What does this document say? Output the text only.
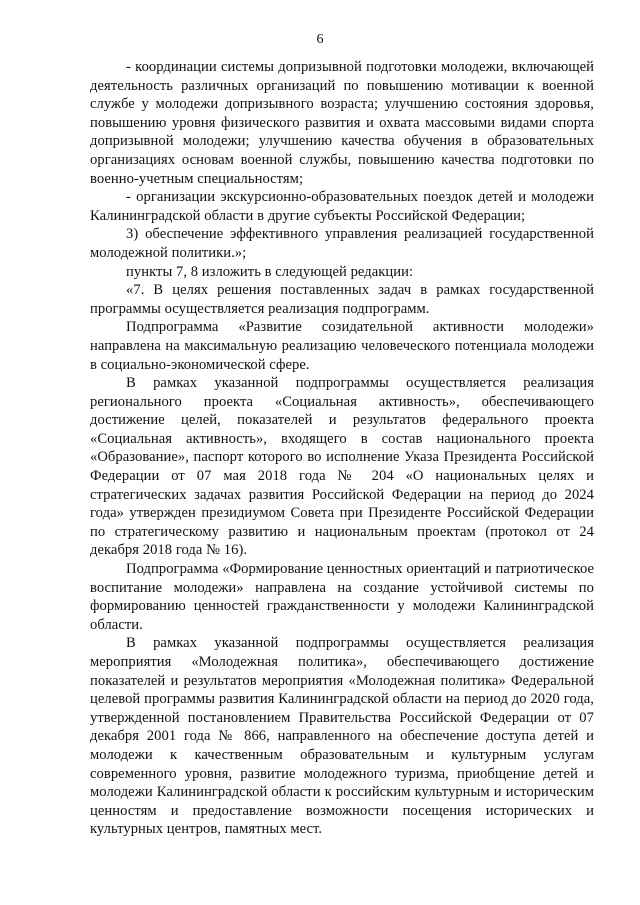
6

- координации системы допризывной подготовки молодежи, включающей деятельность различных организаций по повышению мотивации к военной службе у молодежи допризывного возраста; улучшению состояния здоровья, повышению уровня физического развития и охвата массовыми видами спорта допризывной молодежи; улучшению качества обучения в образовательных организациях основам военной службы, повышению качества подготовки по военно-учетным специальностям;

- организации экскурсионно-образовательных поездок детей и молодежи Калининградской области в другие субъекты Российской Федерации;

3) обеспечение эффективного управления реализацией государственной молодежной политики.»;

пункты 7, 8 изложить в следующей редакции:

«7. В целях решения поставленных задач в рамках государственной программы осуществляется реализация подпрограмм.

Подпрограмма «Развитие созидательной активности молодежи» направлена на максимальную реализацию человеческого потенциала молодежи в социально-экономической сфере.

В рамках указанной подпрограммы осуществляется реализация регионального проекта «Социальная активность», обеспечивающего достижение целей, показателей и результатов федерального проекта «Социальная активность», входящего в состав национального проекта «Образование», паспорт которого во исполнение Указа Президента Российской Федерации от 07 мая 2018 года № 204 «О национальных целях и стратегических задачах развития Российской Федерации на период до 2024 года» утвержден президиумом Совета при Президенте Российской Федерации по стратегическому развитию и национальным проектам (протокол от 24 декабря 2018 года № 16).

Подпрограмма «Формирование ценностных ориентаций и патриотическое воспитание молодежи» направлена на создание устойчивой системы по формированию ценностей гражданственности у молодежи Калининградской области.

В рамках указанной подпрограммы осуществляется реализация мероприятия «Молодежная политика», обеспечивающего достижение показателей и результатов мероприятия «Молодежная политика» Федеральной целевой программы развития Калининградской области на период до 2020 года, утвержденной постановлением Правительства Российской Федерации от 07 декабря 2001 года № 866, направленного на обеспечение доступа детей и молодежи к качественным образовательным и культурным услугам современного уровня, развитие молодежного туризма, приобщение детей и молодежи Калининградской области к российским культурным и историческим ценностям и предоставление возможности посещения исторических и культурных центров, памятных мест.
